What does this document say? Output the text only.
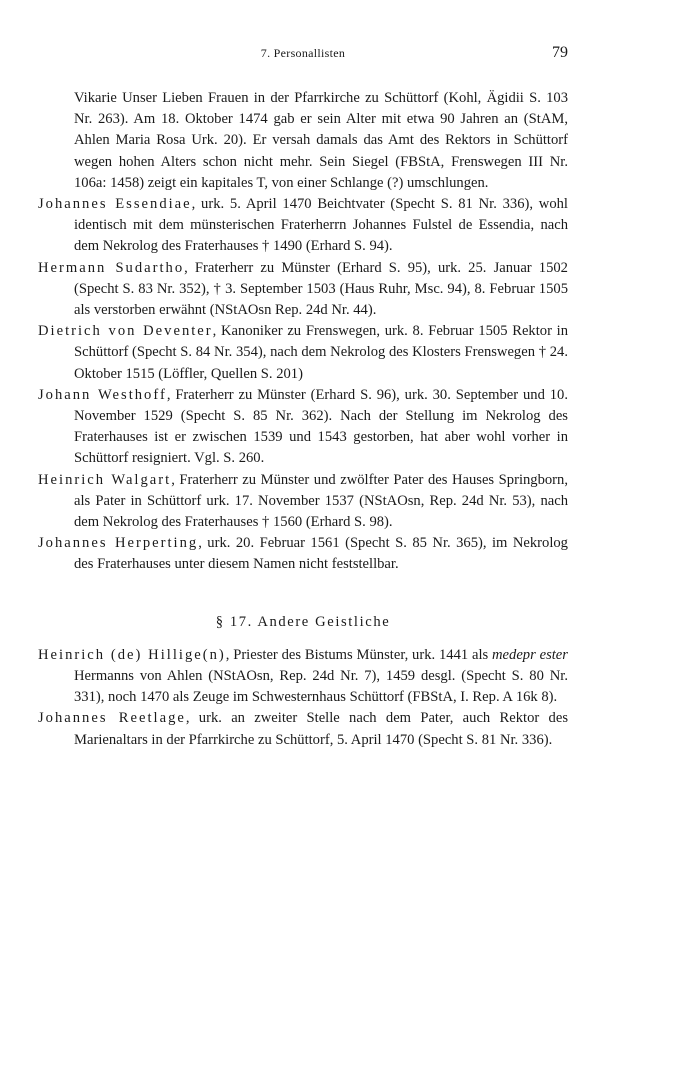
7. Personallisten	79

Vikarie Unser Lieben Frauen in der Pfarrkirche zu Schüttorf (Kohl, Ägidii S. 103 Nr. 263). Am 18. Oktober 1474 gab er sein Alter mit etwa 90 Jahren an (StAM, Ahlen Maria Rosa Urk. 20). Er versah damals das Amt des Rektors in Schüttorf wegen hohen Alters schon nicht mehr. Sein Siegel (FBStA, Frenswegen III Nr. 106a: 1458) zeigt ein kapitales T, von einer Schlange (?) umschlungen.

Johannes Essendiae, urk. 5. April 1470 Beichtvater (Specht S. 81 Nr. 336), wohl identisch mit dem münsterischen Fraterherrn Johannes Fulstel de Essendia, nach dem Nekrolog des Fraterhauses † 1490 (Erhard S. 94).

Hermann Sudartho, Fraterherr zu Münster (Erhard S. 95), urk. 25. Januar 1502 (Specht S. 83 Nr. 352), † 3. September 1503 (Haus Ruhr, Msc. 94), 8. Februar 1505 als verstorben erwähnt (NStAOsn Rep. 24d Nr. 44).

Dietrich von Deventer, Kanoniker zu Frenswegen, urk. 8. Februar 1505 Rektor in Schüttorf (Specht S. 84 Nr. 354), nach dem Nekrolog des Klosters Frenswegen † 24. Oktober 1515 (Löffler, Quellen S. 201)

Johann Westhoff, Fraterherr zu Münster (Erhard S. 96), urk. 30. September und 10. November 1529 (Specht S. 85 Nr. 362). Nach der Stellung im Nekrolog des Fraterhauses ist er zwischen 1539 und 1543 gestorben, hat aber wohl vorher in Schüttorf resigniert. Vgl. S. 260.

Heinrich Walgart, Fraterherr zu Münster und zwölfter Pater des Hauses Springborn, als Pater in Schüttorf urk. 17. November 1537 (NStAOsn, Rep. 24d Nr. 53), nach dem Nekrolog des Fraterhauses † 1560 (Erhard S. 98).

Johannes Herperting, urk. 20. Februar 1561 (Specht S. 85 Nr. 365), im Nekrolog des Fraterhauses unter diesem Namen nicht feststellbar.

§ 17. Andere Geistliche

Heinrich (de) Hillige(n), Priester des Bistums Münster, urk. 1441 als medepr ester Hermanns von Ahlen (NStAOsn, Rep. 24d Nr. 7), 1459 desgl. (Specht S. 80 Nr. 331), noch 1470 als Zeuge im Schwesternhaus Schüttorf (FBStA, I. Rep. A 16k 8).

Johannes Reetlage, urk. an zweiter Stelle nach dem Pater, auch Rektor des Marienaltars in der Pfarrkirche zu Schüttorf, 5. April 1470 (Specht S. 81 Nr. 336).
